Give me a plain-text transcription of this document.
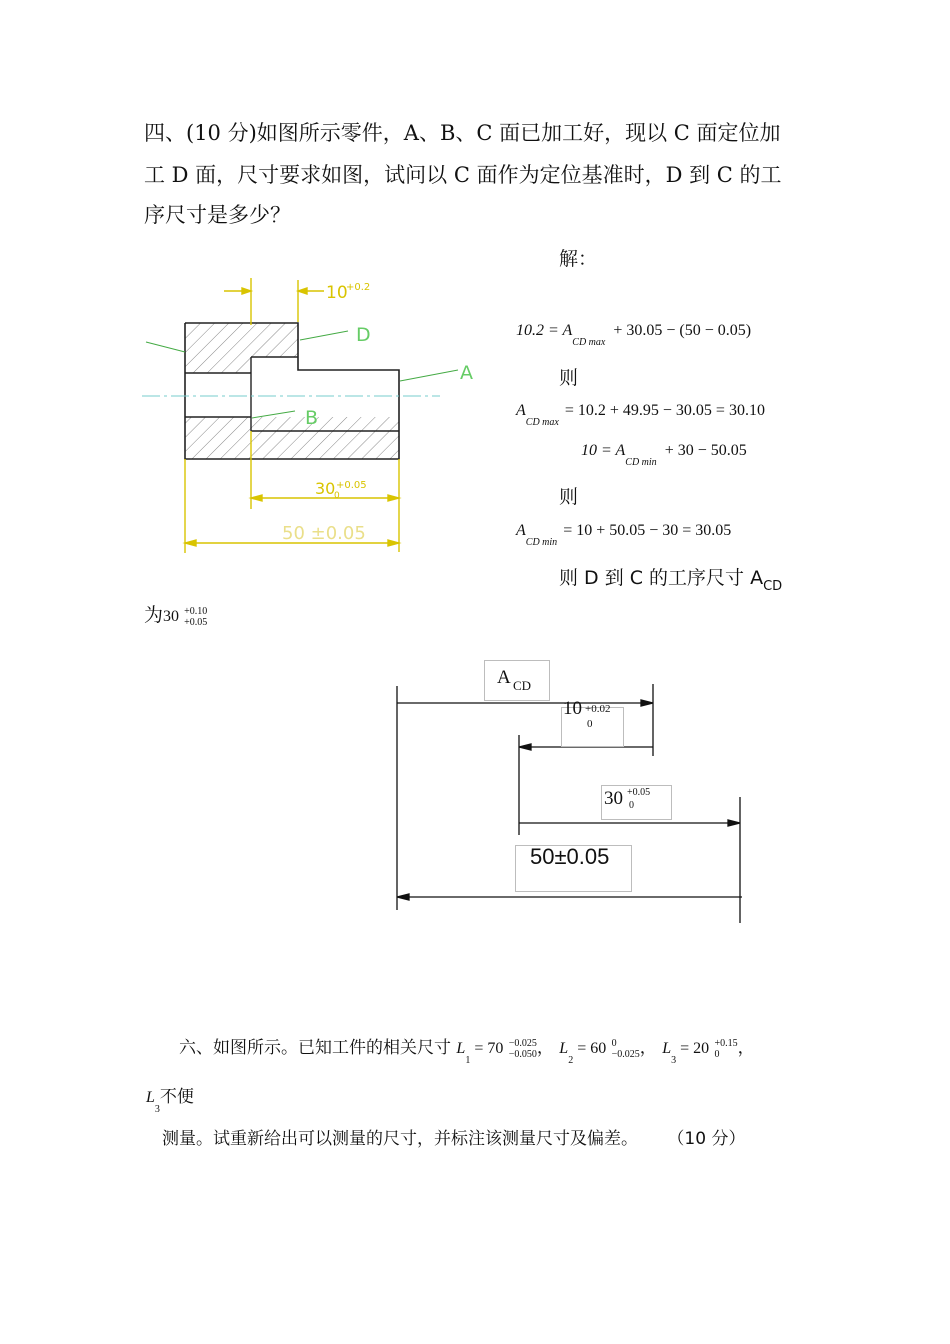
四、(10 分)如图所示零件，A、B、C 面已加工好，现以 C 面定位加
工 D 面，尺寸要求如图，试问以 C 面作为定位基准时，D 到 C 的工
序尺寸是多少？
10
+0.2
D
A
B
30 +0.05
0
50 ±0.05
解：
$10.2 = A_{CD max} + 30.05 - (50 - 0.05)$
则
$A_{CD max} = 10.2 + 49.95 - 30.05 = 30.10$
$10 = A_{CD min} + 30 - 50.05$
则
$A_{CD min} = 10 + 50.05 - 30 = 30.05$
则 D 到 C 的工序尺寸 $A_{CD}$
为30 +0.10
+0.05
A CD
10 +0.02
0
30 +0.05
0
50±0.05
六、如图所示。已知工件的相关尺寸 $L_1 = 70 -0.025$
−0.050， $L_2 = 60$ 0
−0.025， $L_3 = 20 +0.15$
0 ，
$L_3$不便
测量。试重新给出可以测量的尺寸，并标注该测量尺寸及偏差。 （10 分）
